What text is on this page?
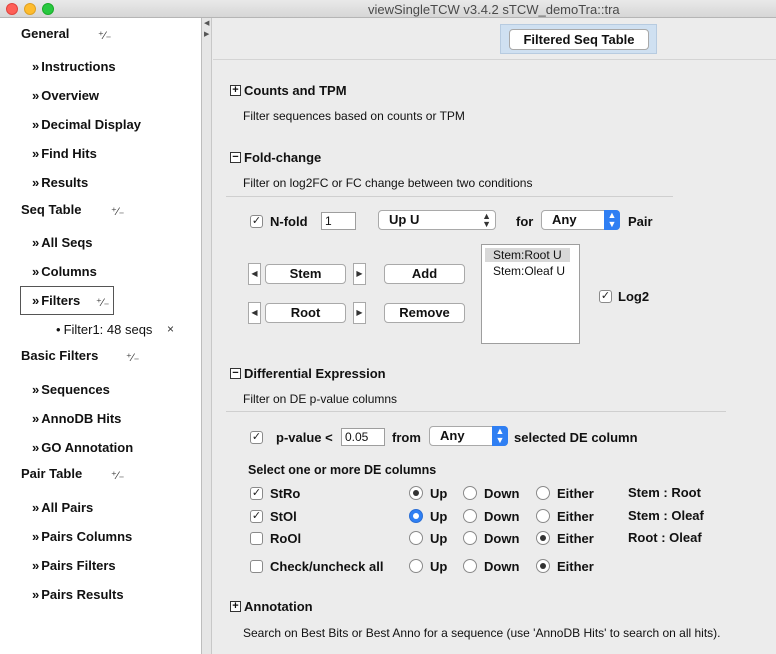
viewSingleTCW v3.4.2 sTCW_demoTra::tra
General	⁺⁄₋
» Instructions
» Overview
» Decimal Display
» Find Hits
» Results
Seq Table	⁺⁄₋
» All Seqs
» Columns
» Filters ⁺⁄₋
• Filter1: 48 seqs ×
Basic Filters	⁺⁄₋
» Sequences
» AnnoDB Hits
» GO Annotation
Pair Table	⁺⁄₋
» All Pairs
» Pairs Columns
» Pairs Filters
» Pairs Results
◀
▶	Filtered Seq Table
+ Counts and TPM
Filter sequences based on counts or TPM
− Fold-change
Filter on log2FC or FC change between two conditions
✓ N-fold	1	Up U	▲
▼ for	Any	▲
▼ Pair
◀	Stem	▶	Add
◀	Root	▶	Remove
Stem:Root U
Stem:Oleaf U
✓ Log2
− Differential Expression
Filter on DE p-value columns
✓ p-value <	0.05	from	Any	▲
▼ selected DE column
Select one or more DE columns
✓ StRo	Up	Down	Either	Stem : Root
✓ StOl	Up	Down	Either	Stem : Oleaf
RoOl	Up	Down	Either	Root : Oleaf
Check/uncheck all	Up	Down	Either
+ Annotation
Search on Best Bits or Best Anno for a sequence (use 'AnnoDB Hits' to search on all hits).
